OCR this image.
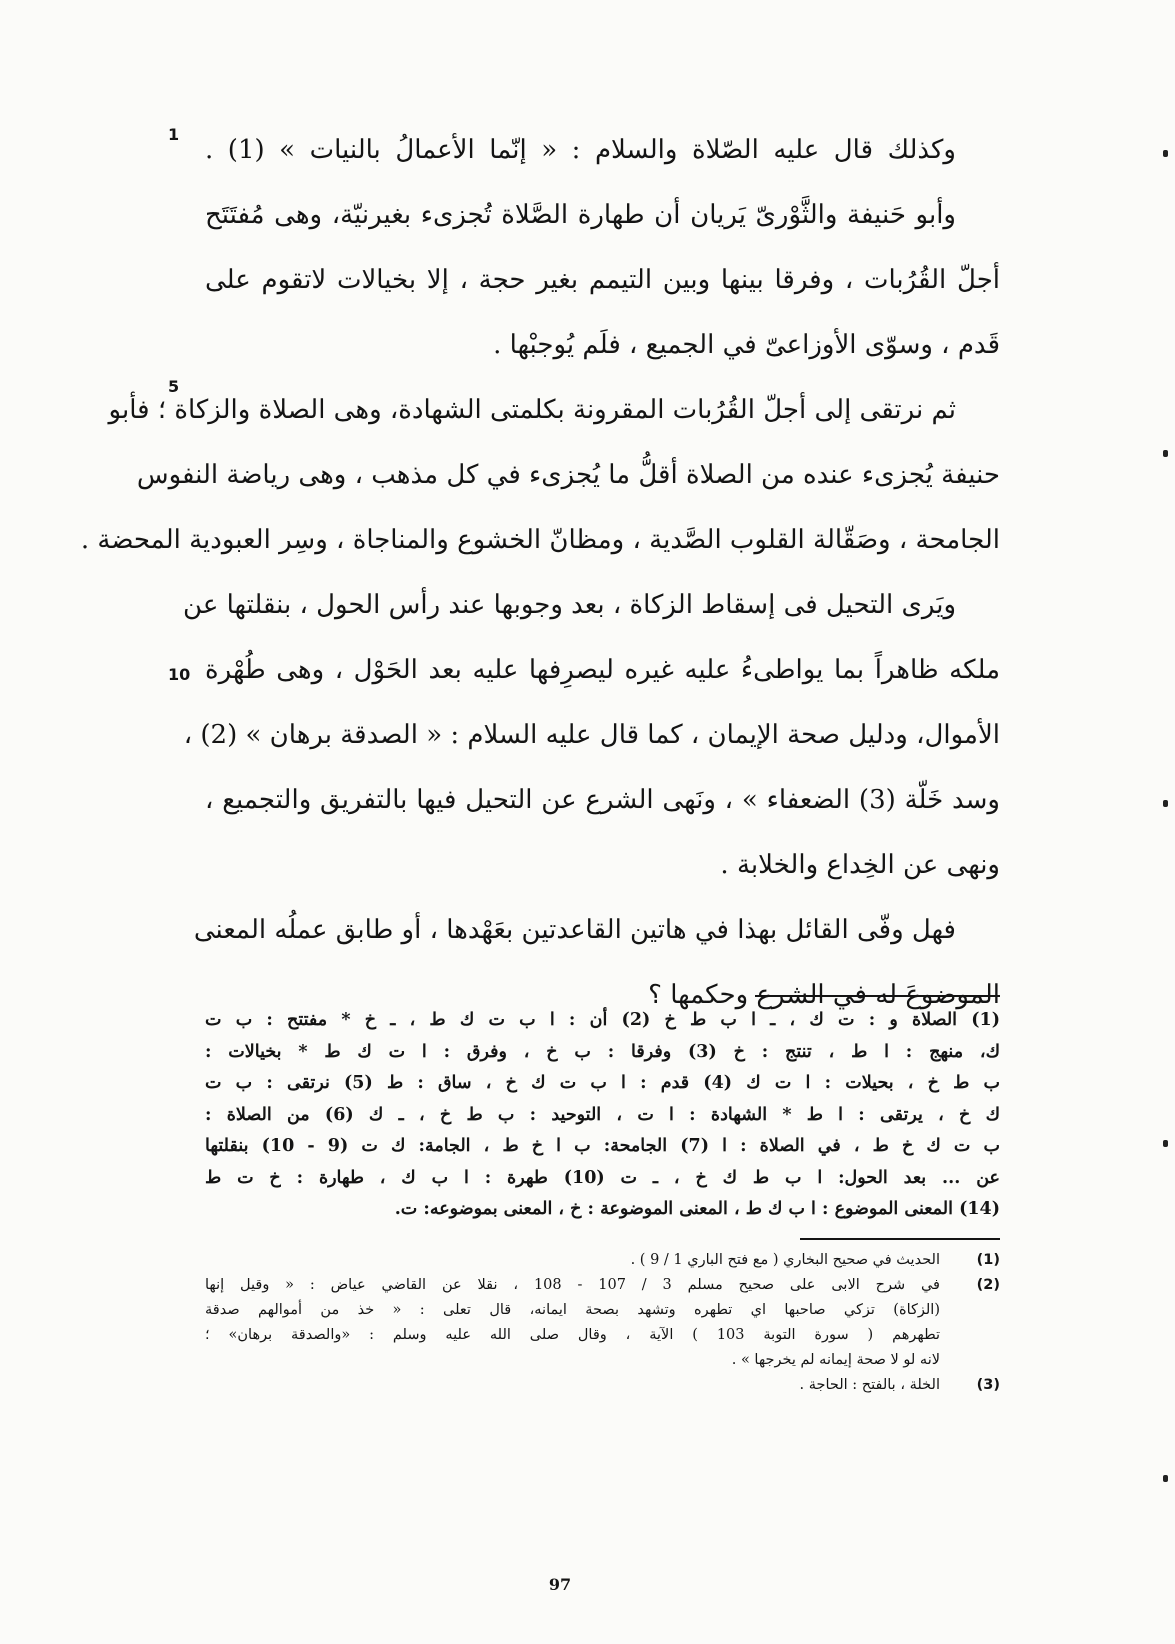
1
5
10
وكذلك قال عليه الصّلاة والسلام : « إنّما الأعمالُ بالنيات » (1) .
وأبو حَنيفة والثَّوْرىّ يَريان أن طهارة الصَّلاة تُجزىء بغيرنيّة، وهى مُفتَتَح
أجلّ القُرُبات ، وفرقا بينها وبين التيمم بغير حجة ، إلا بخيالات لاتقوم على
قَدم ، وسوّى الأوزاعىّ في الجميع ، فلَم يُوجبْها .
ثم نرتقى إلى أجلّ القُرُبات المقرونة بكلمتى الشهادة، وهى الصلاة والزكاة ؛ فأبو
حنيفة يُجزىء عنده من الصلاة أقلُّ ما يُجزىء في كل مذهب ، وهى رياضة النفوس
الجامحة ، وصَقّالة القلوب الصَّدية ، ومظانّ الخشوع والمناجاة ، وسِر العبودية المحضة .
ويَرى التحيل فى إسقاط الزكاة ، بعد وجوبها عند رأس الحول ، بنقلتها عن
ملكه ظاهراً بما يواطىءُ عليه غيره ليصرِفها عليه بعد الحَوْل ، وهى طُهْرة
الأموال، ودليل صحة الإيمان ، كما قال عليه السلام : « الصدقة برهان » (2) ،
وسد خَلّة (3) الضعفاء » ، ونَهى الشرع عن التحيل فيها بالتفريق والتجميع ،
ونهى عن الخِداع والخلابة .
فهل وفّى القائل بهذا في هاتين القاعدتين بعَهْدها ، أو طابق عملُه المعنى
الموضوعَ له في الشرع وحكمها ؟
(1) الصلاة و : ت ك ، ـ ا ب ط خ (2) أن : ا ب ت ك ط ، ـ خ * مفتتح : ب ت
ك، منهج : ا ط ، تنتج : خ (3) وفرقا : ب خ ، وفرق : ا ت ك ط * بخيالات :
ب ط خ ، بحيلات : ا ت ك (4) قدم : ا ب ت ك خ ، ساق : ط (5) نرتقى : ب ت
ك خ ، يرتقى : ا ط * الشهادة : ا ت ، التوحيد : ب ط خ ، ـ ك (6) من الصلاة :
ب ت ك خ ط ، في الصلاة : ا (7) الجامحة: ب ا خ ط ، الجامة: ك ت (9 - 10) بنقلتها
عن ... بعد الحول: ا ب ط ك خ ، ـ ت (10) طهرة : ا ب ك ، طهارة : خ ت ط
(14) المعنى الموضوع : ا ب ك ط ، المعنى الموضوعة : خ ، المعنى بموضوعه: ت.
(1)
الحديث في صحيح البخاري ( مع فتح الباري 1 / 9 ) .
(2)
في شرح الابى على صحيح مسلم 3 / 107 - 108 ، نقلا عن القاضي عياض : « وقيل إنها
(الزكاة) تزكي صاحبها اي تطهره وتشهد بصحة ايمانه، قال تعلى : « خذ من أموالهم صدقة
تطهرهم ( سورة التوبة 103 ) الآية ، وقال صلى الله عليه وسلم : «والصدقة برهان» ؛
لانه لو لا صحة إيمانه لم يخرجها » .
(3)
الخلة ، بالفتح : الحاجة .
97
